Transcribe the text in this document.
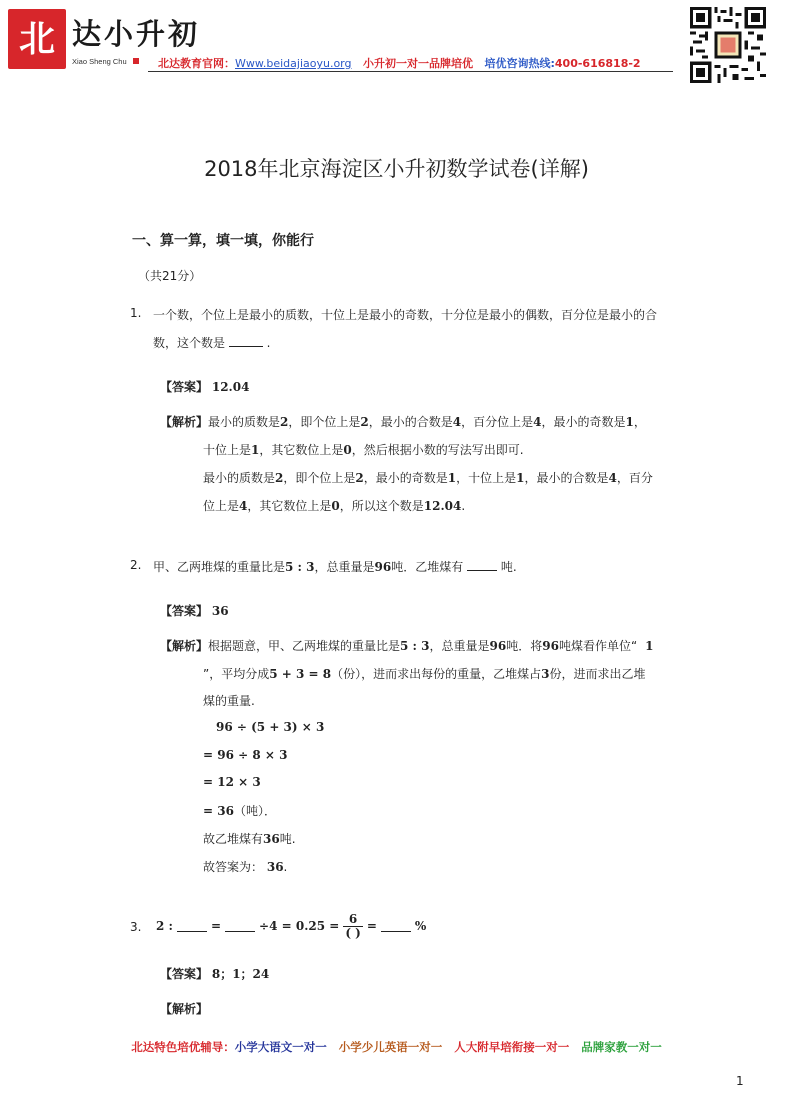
北 达小升初
Xiao Sheng Chu	北达教育官网：Www.beidajiaoyu.org 小升初一对一品牌培优 培优咨询热线:400-616818-2
2018年北京海淀区小升初数学试卷(详解)
一、算一算，填一填，你能行
（共21分）
1. 一个数，个位上是最小的质数，十位上是最小的奇数，十分位是最小的偶数，百分位是最小的合
数，这个数是	.
【答案】 12.04
【解析】最小的质数是2，即个位上是2，最小的合数是4，百分位上是4，最小的奇数是1，
十位上是1，其它数位上是0，然后根据小数的写法写出即可.
最小的质数是2，即个位上是2，最小的奇数是1，十位上是1，最小的合数是4，百分
位上是4，其它数位上是0，所以这个数是12.04.
2. 甲、乙两堆煤的重量比是5 : 3，总重量是96吨．乙堆煤有	吨.
【答案】 36
【解析】根据题意，甲、乙两堆煤的重量比是5 : 3，总重量是96吨．将96吨煤看作单位“ 1
”，平均分成5 + 3 = 8（份），进而求出每份的重量，乙堆煤占3份，进而求出乙堆
煤的重量.
96 ÷ (5 + 3) × 3
= 96 ÷ 8 × 3
= 12 × 3
= 36（吨）．
故乙堆煤有36吨.
故答案为： 36.
3. 2 :	=	$\div 4 = 0.25 = \frac{6}{( )}$ =	%
【答案】 8；1；24
【解析】
北达特色培优辅导：小学大语文一对一 小学少儿英语一对一 人大附早培衔接一对一 品牌家教一对一
1
